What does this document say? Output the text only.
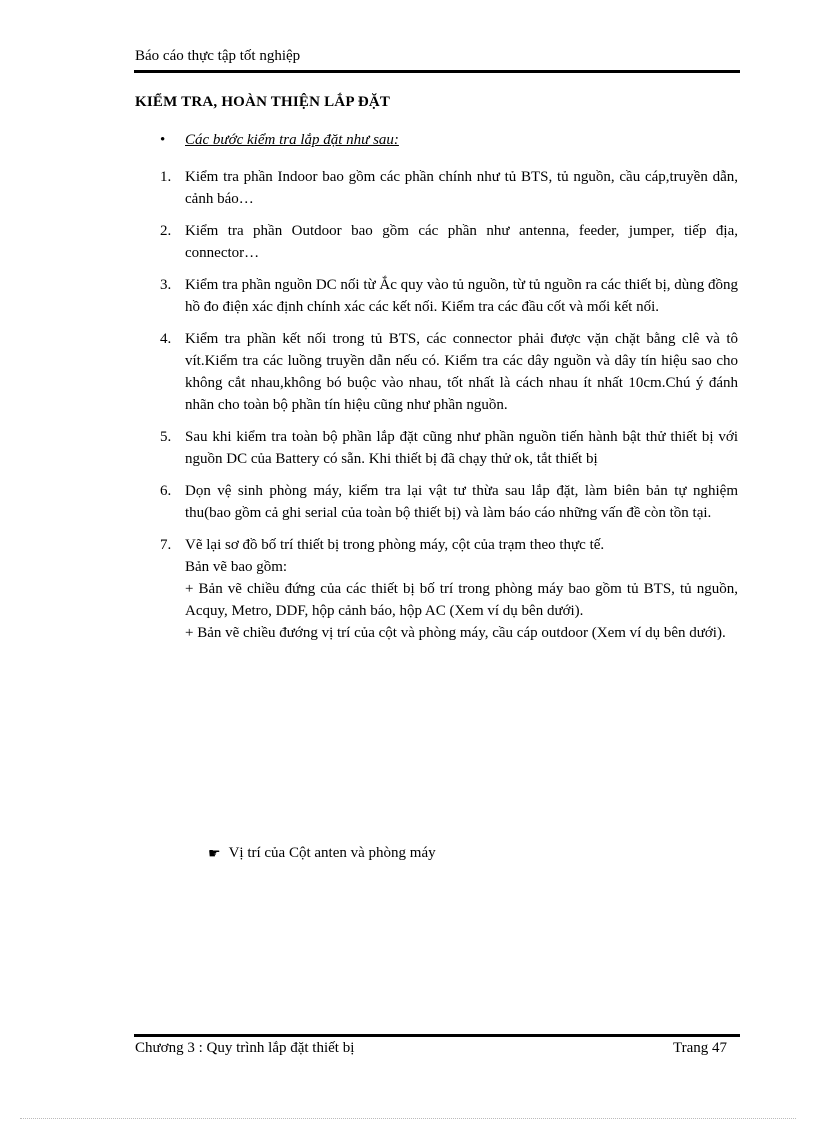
Báo cáo thực tập tốt nghiệp
KIỂM TRA, HOÀN THIỆN LẮP ĐẶT
•	Các bước kiểm tra lắp đặt như sau:
1. Kiểm tra phần Indoor bao gồm các phần chính như tủ BTS, tủ nguồn, cầu cáp,truyền dẫn, cảnh báo…
2. Kiểm tra phần Outdoor bao gồm các phần như antenna, feeder, jumper, tiếp địa, connector…
3. Kiểm tra phần nguồn DC nối từ Ắc quy vào tủ nguồn, từ tủ nguồn ra các thiết bị, dùng đồng hồ đo điện xác định chính xác các kết nối. Kiểm tra các đầu cốt và mối kết nối.
4. Kiểm tra phần kết nối trong tủ BTS, các connector phải được vặn chặt bằng clê và tô vít.Kiểm tra các luồng truyền dẫn nếu có. Kiểm tra các dây nguồn và dây tín hiệu sao cho không cắt nhau,không bó buộc vào nhau, tốt nhất là cách nhau ít nhất 10cm.Chú ý đánh nhãn cho toàn bộ phần tín hiệu cũng như phần nguồn.
5. Sau khi kiểm tra toàn bộ phần lắp đặt cũng như phần nguồn tiến hành bật thử thiết bị với nguồn DC của Battery có sẵn. Khi thiết bị đã chạy thử ok, tắt thiết bị
6. Dọn vệ sinh phòng máy, kiểm tra lại vật tư thừa sau lắp đặt, làm biên bản tự nghiệm thu(bao gồm cả ghi serial của toàn bộ thiết bị) và làm báo cáo những vấn đề còn tồn tại.
7. Vẽ lại sơ đồ bố trí thiết bị trong phòng máy, cột của trạm theo thực tế.
Bản vẽ bao gồm:
+ Bản vẽ chiều đứng của các thiết bị bố trí trong phòng máy bao gồm tủ BTS, tủ nguồn, Acquy, Metro, DDF, hộp cảnh báo, hộp AC (Xem ví dụ bên dưới).
+ Bản vẽ chiều đướng vị trí của cột và phòng máy, cầu cáp outdoor (Xem ví dụ bên dưới).
☛ Vị trí của Cột anten và phòng máy
Chương 3 : Quy trình lắp đặt thiết bị	Trang 47
